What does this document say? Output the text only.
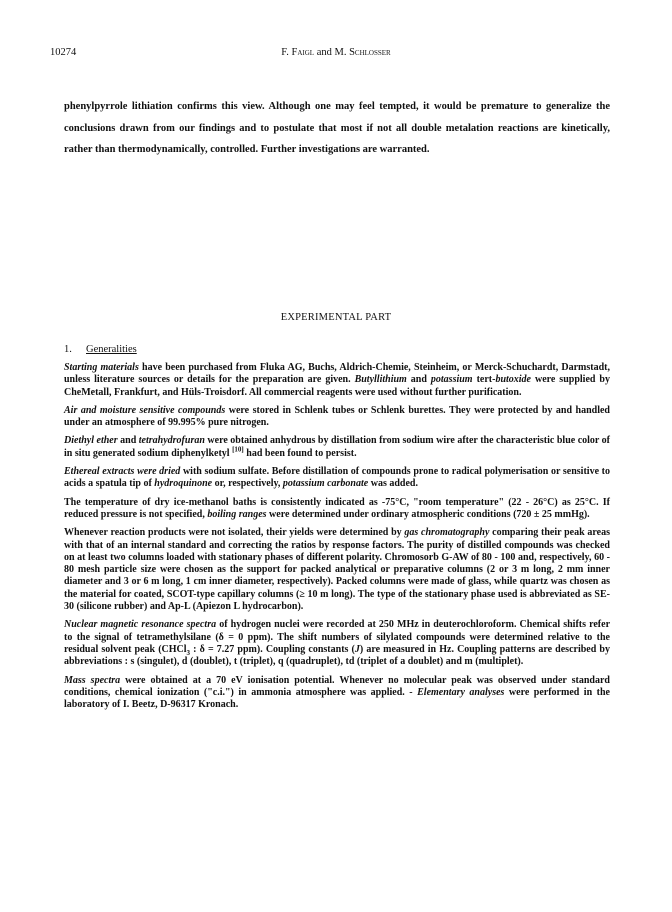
10274	F. Faigl and M. Schlosser
phenylpyrrole lithiation confirms this view. Although one may feel tempted, it would be premature to generalize the conclusions drawn from our findings and to postulate that most if not all double metalation reactions are kinetically, rather than thermodynamically, controlled. Further investigations are warranted.
EXPERIMENTAL PART
1. Generalities

Starting materials have been purchased from Fluka AG, Buchs, Aldrich-Chemie, Steinheim, or Merck-Schuchardt, Darmstadt, unless literature sources or details for the preparation are given. Butyllithium and potassium tert-butoxide were supplied by CheMetall, Frankfurt, and Hüls-Troisdorf. All commercial reagents were used without further purification.

Air and moisture sensitive compounds were stored in Schlenk tubes or Schlenk burettes. They were protected by and handled under an atmosphere of 99.995% pure nitrogen.

Diethyl ether and tetrahydrofuran were obtained anhydrous by distillation from sodium wire after the characteristic blue color of in situ generated sodium diphenylketyl [10] had been found to persist.

Ethereal extracts were dried with sodium sulfate. Before distillation of compounds prone to radical polymerisation or sensitive to acids a spatula tip of hydroquinone or, respectively, potassium carbonate was added.

The temperature of dry ice-methanol baths is consistently indicated as -75°C, "room temperature" (22 - 26°C) as 25°C. If reduced pressure is not specified, boiling ranges were determined under ordinary atmospheric conditions (720 ± 25 mmHg).

Whenever reaction products were not isolated, their yields were determined by gas chromatography comparing their peak areas with that of an internal standard and correcting the ratios by response factors. The purity of distilled compounds was checked on at least two columns loaded with stationary phases of different polarity. Chromosorb G-AW of 80 - 100 and, respectively, 60 - 80 mesh particle size were chosen as the support for packed analytical or preparative columns (2 or 3 m long, 2 mm inner diameter and 3 or 6 m long, 1 cm inner diameter, respectively). Packed columns were made of glass, while quartz was chosen as the material for coated, SCOT-type capillary columns (≥ 10 m long). The type of the stationary phase used is abbreviated as SE-30 (silicone rubber) and Ap-L (Apiezon L hydrocarbon).

Nuclear magnetic resonance spectra of hydrogen nuclei were recorded at 250 MHz in deuterochloroform. Chemical shifts refer to the signal of tetramethylsilane (δ = 0 ppm). The shift numbers of silylated compounds were determined relative to the residual solvent peak (CHCl$_3$ : δ = 7.27 ppm). Coupling constants (J) are measured in Hz. Coupling patterns are described by abbreviations : s (singulet), d (doublet), t (triplet), q (quadruplet), td (triplet of a doublet) and m (multiplet).

Mass spectra were obtained at a 70 eV ionisation potential. Whenever no molecular peak was observed under standard conditions, chemical ionization ("c.i.") in ammonia atmosphere was applied. - Elementary analyses were performed in the laboratory of I. Beetz, D-96317 Kronach.
